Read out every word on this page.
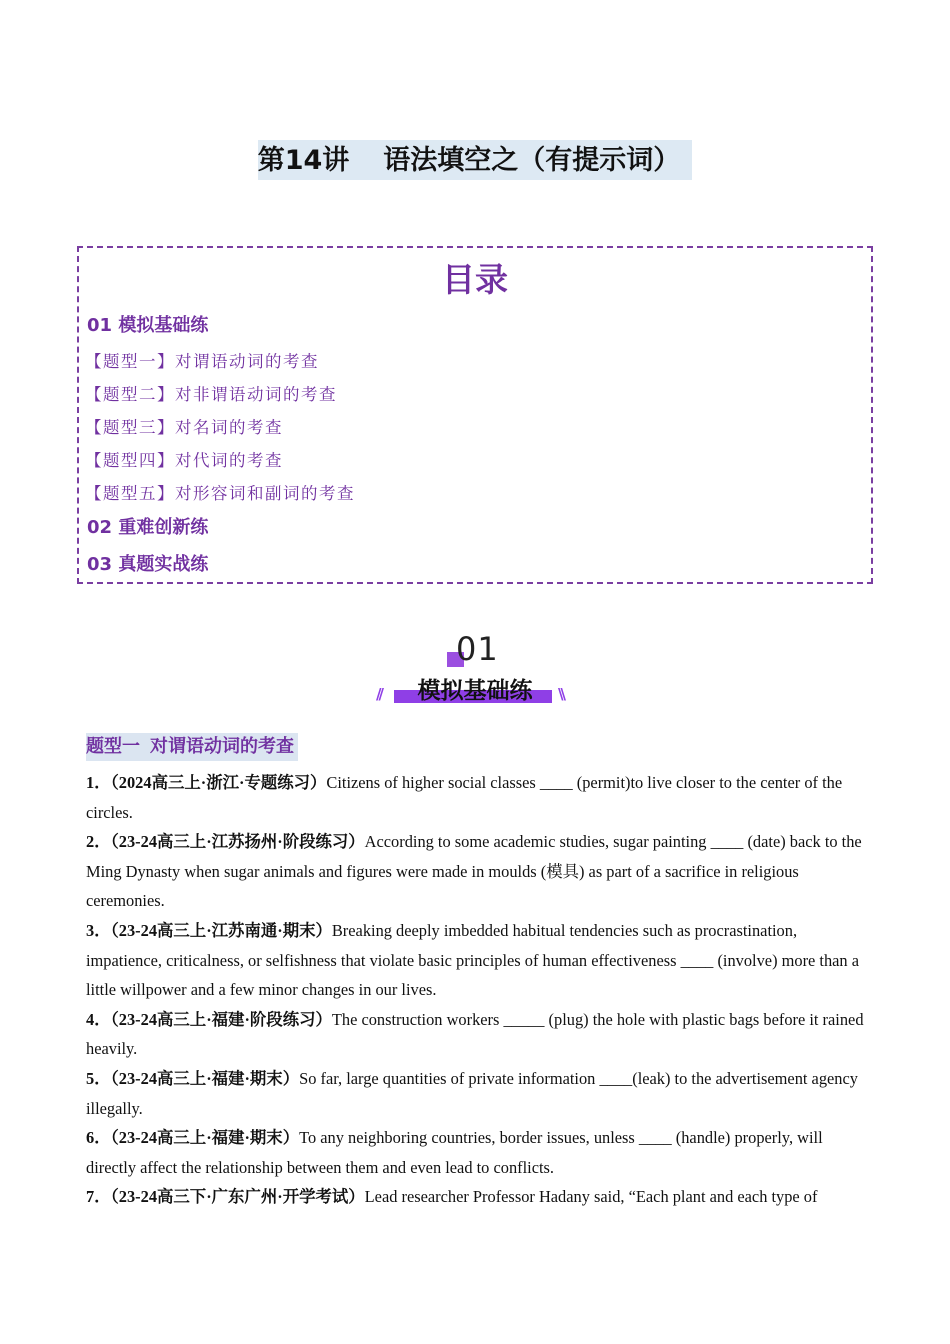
第14讲 语法填空之（有提示词）
目录
01 模拟基础练
【题型一】对谓语动词的考查
【题型二】对非谓语动词的考查
【题型三】对名词的考查
【题型四】对代词的考查
【题型五】对形容词和副词的考查
02 重难创新练
03 真题实战练
01
模拟基础练
//	\\
题型一 对谓语动词的考查

1．（2024高三上·浙江·专题练习）Citizens of higher social classes ____ (permit)to live closer to the center of the circles.

2．（23-24高三上·江苏扬州·阶段练习）According to some academic studies, sugar painting ____ (date) back to the Ming Dynasty when sugar animals and figures were made in moulds (模具) as part of a sacrifice in religious ceremonies.

3．（23-24高三上·江苏南通·期末）Breaking deeply imbedded habitual tendencies such as procrastination, impatience, criticalness, or selfishness that violate basic principles of human effectiveness ____ (involve) more than a little willpower and a few minor changes in our lives.

4．（23-24高三上·福建·阶段练习）The construction workers _____ (plug) the hole with plastic bags before it rained heavily.

5．（23-24高三上·福建·期末）So far, large quantities of private information ____(leak) to the advertisement agency illegally.

6．（23-24高三上·福建·期末）To any neighboring countries, border issues, unless ____ (handle) properly, will directly affect the relationship between them and even lead to conflicts.

7．（23-24高三下·广东广州·开学考试）Lead researcher Professor Hadany said, “Each plant and each type of
